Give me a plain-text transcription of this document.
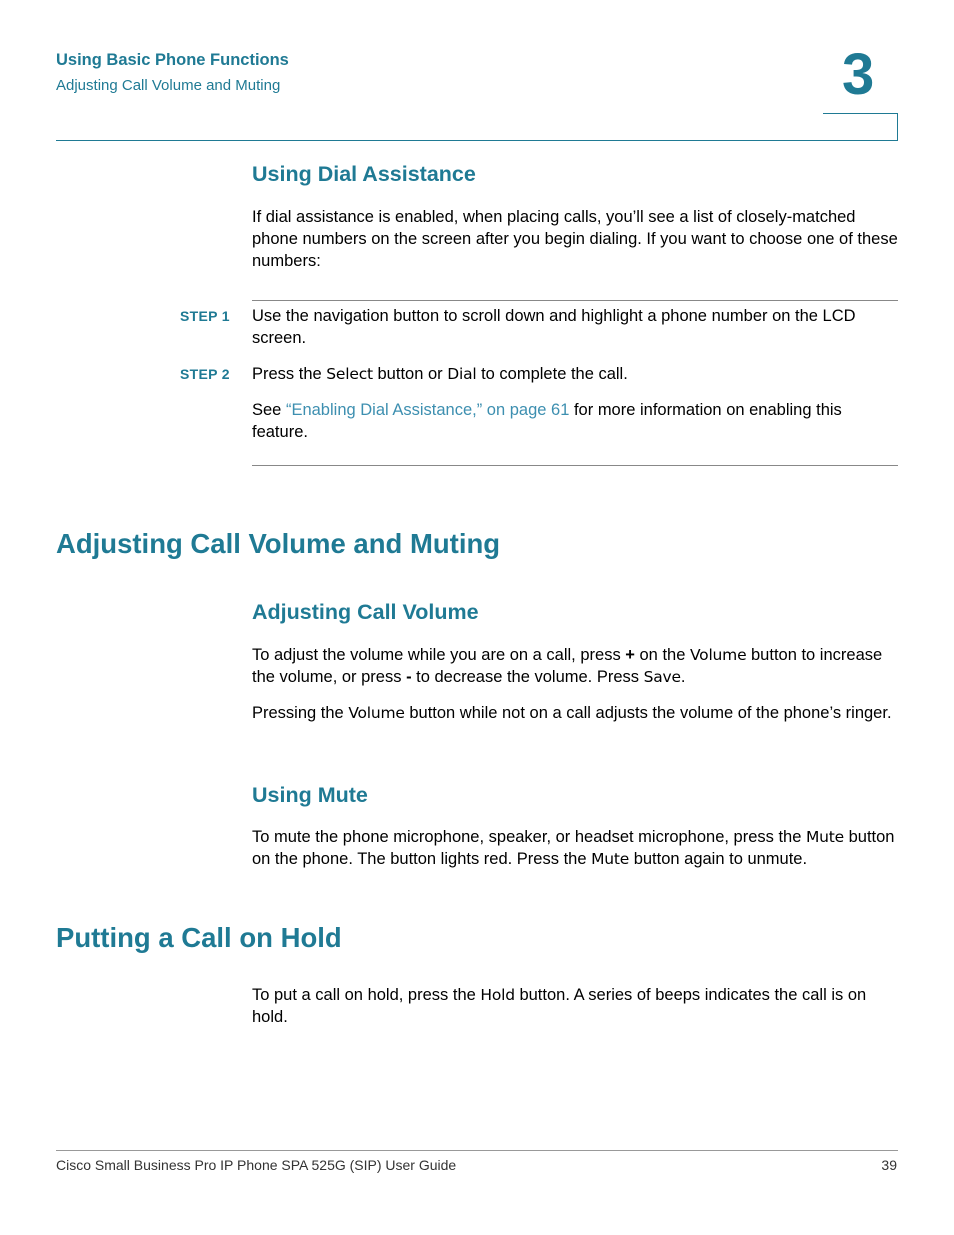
Using Basic Phone Functions
Adjusting Call Volume and Muting	3
Using Dial Assistance

If dial assistance is enabled, when placing calls, you’ll see a list of closely-matched phone numbers on the screen after you begin dialing. If you want to choose one of these numbers:

STEP 1 Use the navigation button to scroll down and highlight a phone number on the LCD screen.

STEP 2 Press the Select button or Dial to complete the call.

See “Enabling Dial Assistance,” on page 61 for more information on enabling this feature.

Adjusting Call Volume and Muting
Adjusting Call Volume

To adjust the volume while you are on a call, press + on the Volume button to increase the volume, or press - to decrease the volume. Press Save.

Pressing the Volume button while not on a call adjusts the volume of the phone’s ringer.

Using Mute

To mute the phone microphone, speaker, or headset microphone, press the Mute button on the phone. The button lights red. Press the Mute button again to unmute.

Putting a Call on Hold

To put a call on hold, press the Hold button. A series of beeps indicates the call is on hold.

Cisco Small Business Pro IP Phone SPA 525G (SIP) User Guide	39
